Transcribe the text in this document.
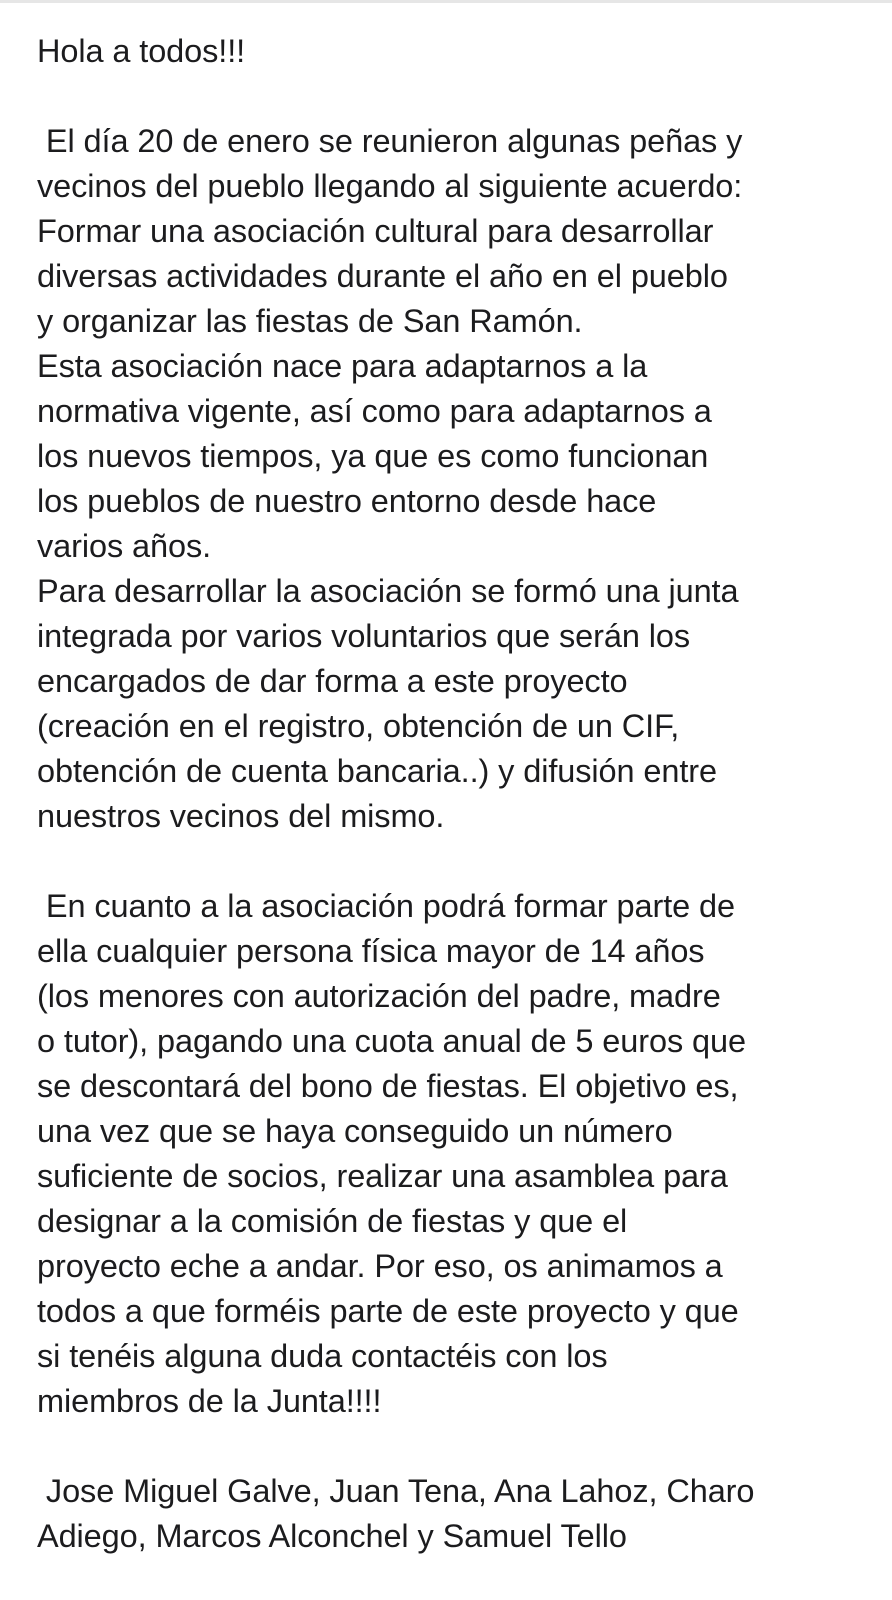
Hola a todos!!!
El día 20 de enero se reunieron algunas peñas y
vecinos del pueblo llegando al siguiente acuerdo:
Formar una asociación cultural para desarrollar
diversas actividades durante el año en el pueblo
y organizar las fiestas de San Ramón.
Esta asociación nace para adaptarnos a la
normativa vigente, así como para adaptarnos a
los nuevos tiempos, ya que es como funcionan
los pueblos de nuestro entorno desde hace
varios años.
Para desarrollar la asociación se formó una junta
integrada por varios voluntarios que serán los
encargados de dar forma a este proyecto
(creación en el registro, obtención de un CIF,
obtención de cuenta bancaria..) y difusión entre
nuestros vecinos del mismo.
En cuanto a la asociación podrá formar parte de
ella cualquier persona física mayor de 14 años
(los menores con autorización del padre, madre
o tutor), pagando una cuota anual de 5 euros que
se descontará del bono de fiestas. El objetivo es,
una vez que se haya conseguido un número
suficiente de socios, realizar una asamblea para
designar a la comisión de fiestas y que el
proyecto eche a andar. Por eso, os animamos a
todos a que forméis parte de este proyecto y que
si tenéis alguna duda contactéis con los
miembros de la Junta!!!!
Jose Miguel Galve, Juan Tena, Ana Lahoz, Charo
Adiego, Marcos Alconchel y Samuel Tello
